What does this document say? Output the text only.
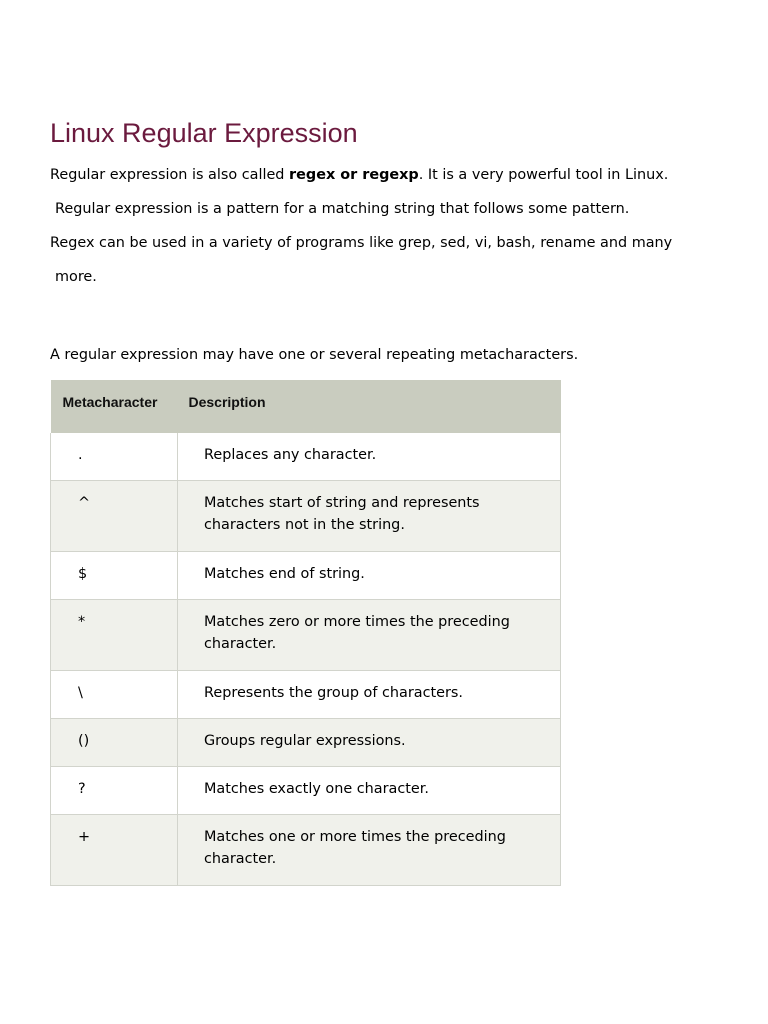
Linux Regular Expression

Regular expression is also called regex or regexp. It is a very powerful tool in Linux.

Regular expression is a pattern for a matching string that follows some pattern.

Regex can be used in a variety of programs like grep, sed, vi, bash, rename and many

more.

A regular expression may have one or several repeating metacharacters.

Metacharacter	Description

.	Replaces any character.

^	Matches start of string and represents characters not in the string.

$	Matches end of string.

*	Matches zero or more times the preceding character.

\	Represents the group of characters.

()	Groups regular expressions.

?	Matches exactly one character.

+	Matches one or more times the preceding character.
